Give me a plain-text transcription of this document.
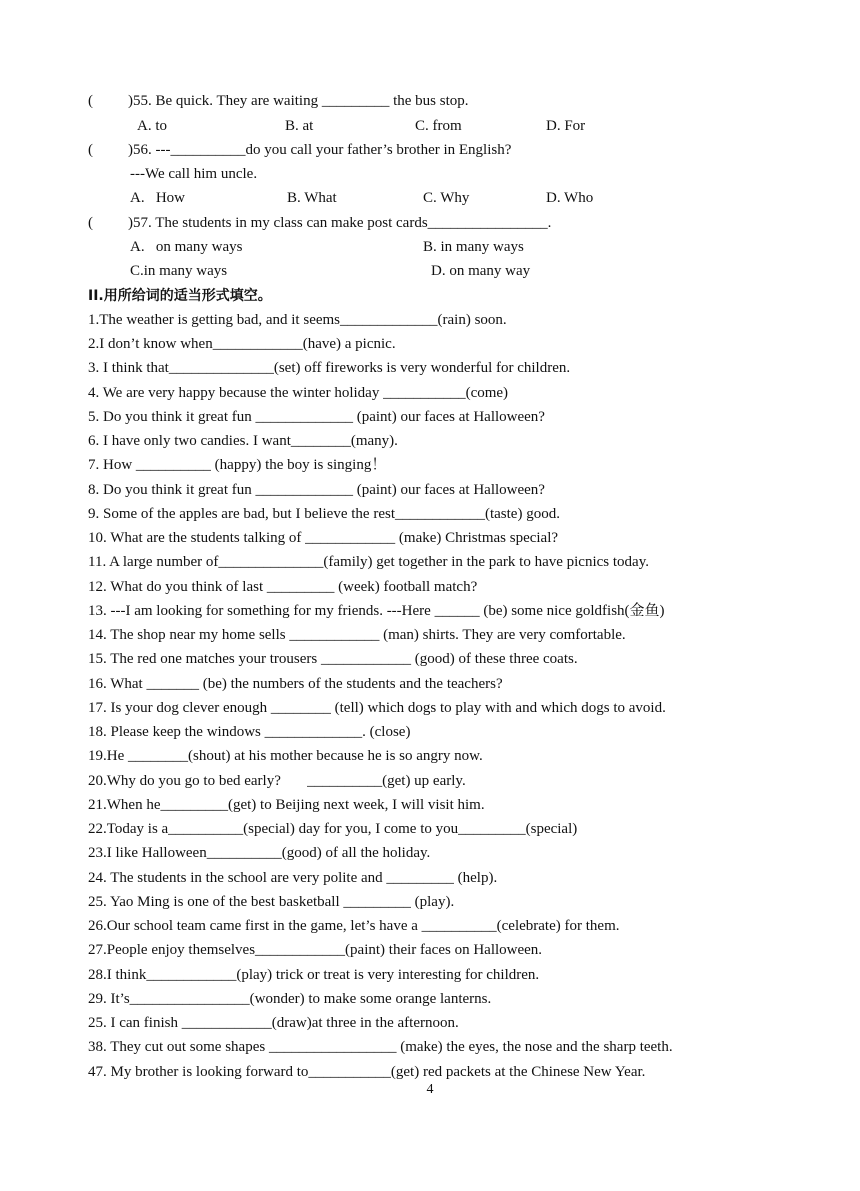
( )55. Be quick. They are waiting _________ the bus stop.
A. to	B. at	C. from	D. For
( )56. ---__________do you call your father’s brother in English?
---We call him uncle.
A.   How	B. What	C. Why	D. Who
( )57. The students in my class can make post cards________________.
A.   on many ways	B. in many ways
C.in many ways	D. on many way
II.用所给词的适当形式填空。
1.The weather is getting bad, and it seems_____________(rain) soon.
2.I don’t know when____________(have) a picnic.
3. I think that______________(set) off fireworks is very wonderful for children.
4. We are very happy because the winter holiday ___________(come)
5. Do you think it great fun _____________ (paint) our faces at Halloween?
6. I have only two candies. I want________(many).
7. How __________ (happy) the boy is singing！
8. Do you think it great fun _____________ (paint) our faces at Halloween?
9. Some of the apples are bad, but I believe the rest____________(taste) good.
10. What are the students talking of ____________ (make) Christmas special?
11. A large number of______________(family) get together in the park to have picnics today.
12. What do you think of last _________ (week) football match?
13. ---I am looking for something for my friends. ---Here ______ (be) some nice goldfish(金鱼)
14. The shop near my home sells ____________ (man) shirts. They are very comfortable.
15. The red one matches your trousers ____________ (good) of these three coats.
16. What _______ (be) the numbers of the students and the teachers?
17. Is your dog clever enough ________ (tell) which dogs to play with and which dogs to avoid.
18. Please keep the windows _____________. (close)
19.He ________(shout) at his mother because he is so angry now.
20.Why do you go to bed early?       __________(get) up early.
21.When he_________(get) to Beijing next week, I will visit him.
22.Today is a__________(special) day for you, I come to you_________(special)
23.I like Halloween__________(good) of all the holiday.
24. The students in the school are very polite and _________ (help).
25. Yao Ming is one of the best basketball _________ (play).
26.Our school team came first in the game, let’s have a __________(celebrate) for them.
27.People enjoy themselves____________(paint) their faces on Halloween.
28.I think____________(play) trick or treat is very interesting for children.
29. It’s________________(wonder) to make some orange lanterns.
25. I can finish ____________(draw)at three in the afternoon.
38. They cut out some shapes _________________ (make) the eyes, the nose and the sharp teeth.
47. My brother is looking forward to___________(get) red packets at the Chinese New Year.
4
